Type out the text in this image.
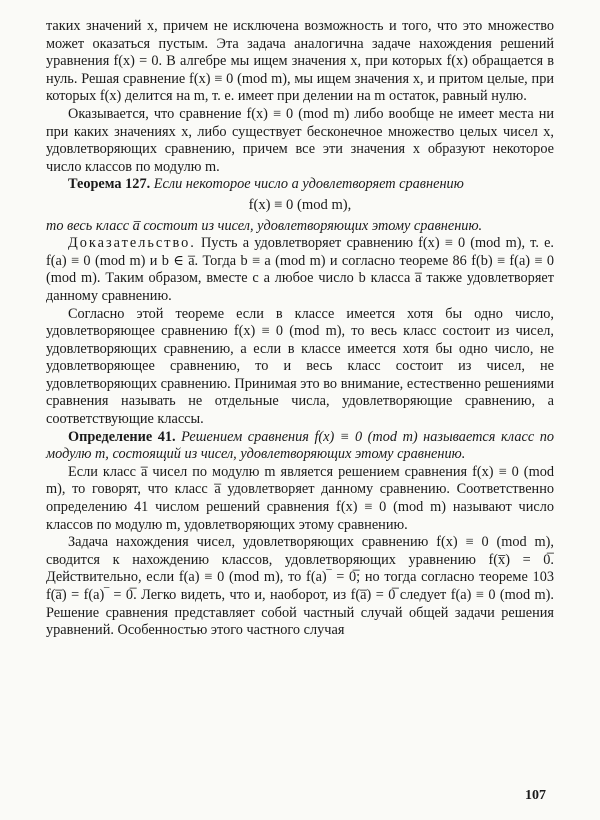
таких значений x, причем не исключена возможность и того, что это множество может оказаться пустым. Эта задача аналогична задаче нахождения решений уравнения f(x) = 0. В алгебре мы ищем значения x, при которых f(x) обращается в нуль. Решая сравнение f(x) ≡ 0 (mod m), мы ищем значения x, и притом целые, при которых f(x) делится на m, т. е. имеет при делении на m остаток, равный нулю.

Оказывается, что сравнение f(x) ≡ 0 (mod m) либо вообще не имеет места ни при каких значениях x, либо существует бесконечное множество целых чисел x, удовлетворяющих сравнению, причем все эти значения x образуют некоторое число классов по модулю m.

Теорема 127. Если некоторое число a удовлетворяет сравнению

f(x) ≡ 0 (mod m),

то весь класс a̅ состоит из чисел, удовлетворяющих этому сравнению.

Доказательство. Пусть a удовлетворяет сравнению f(x) ≡ 0 (mod m), т. е. f(a) ≡ 0 (mod m) и b ∈ a̅. Тогда b ≡ a (mod m) и согласно теореме 86 f(b) ≡ f(a) ≡ 0 (mod m). Таким образом, вместе с a любое число b класса a̅ также удовлетворяет данному сравнению.

Согласно этой теореме если в классе имеется хотя бы одно число, удовлетворяющее сравнению f(x) ≡ 0 (mod m), то весь класс состоит из чисел, удовлетворяющих сравнению, а если в классе имеется хотя бы одно число, не удовлетворяющее сравнению, то и весь класс состоит из чисел, не удовлетворяющих сравнению. Принимая это во внимание, естественно решениями сравнения называть не отдельные числа, удовлетворяющие сравнению, а соответствующие классы.

Определение 41. Решением сравнения f(x) ≡ 0 (mod m) называется класс по модулю m, состоящий из чисел, удовлетворяющих этому сравнению.

Если класс a̅ чисел по модулю m является решением сравнения f(x) ≡ 0 (mod m), то говорят, что класс a̅ удовлетворяет данному сравнению. Соответственно определению 41 числом решений сравнения f(x) ≡ 0 (mod m) называют число классов по модулю m, удовлетворяющих этому сравнению.

Задача нахождения чисел, удовлетворяющих сравнению f(x) ≡ 0 (mod m), сводится к нахождению классов, удовлетворяющих уравнению f(x̅) = 0̅. Действительно, если f(a) ≡ 0 (mod m), то f(a)‾ = 0̅; но тогда согласно теореме 103 f(a̅) = f(a)‾ = 0̅. Легко видеть, что и, наоборот, из f(a̅) = 0̅ следует f(a) ≡ 0 (mod m). Решение сравнения представляет собой частный случай общей задачи решения уравнений. Особенностью этого частного случая

107
